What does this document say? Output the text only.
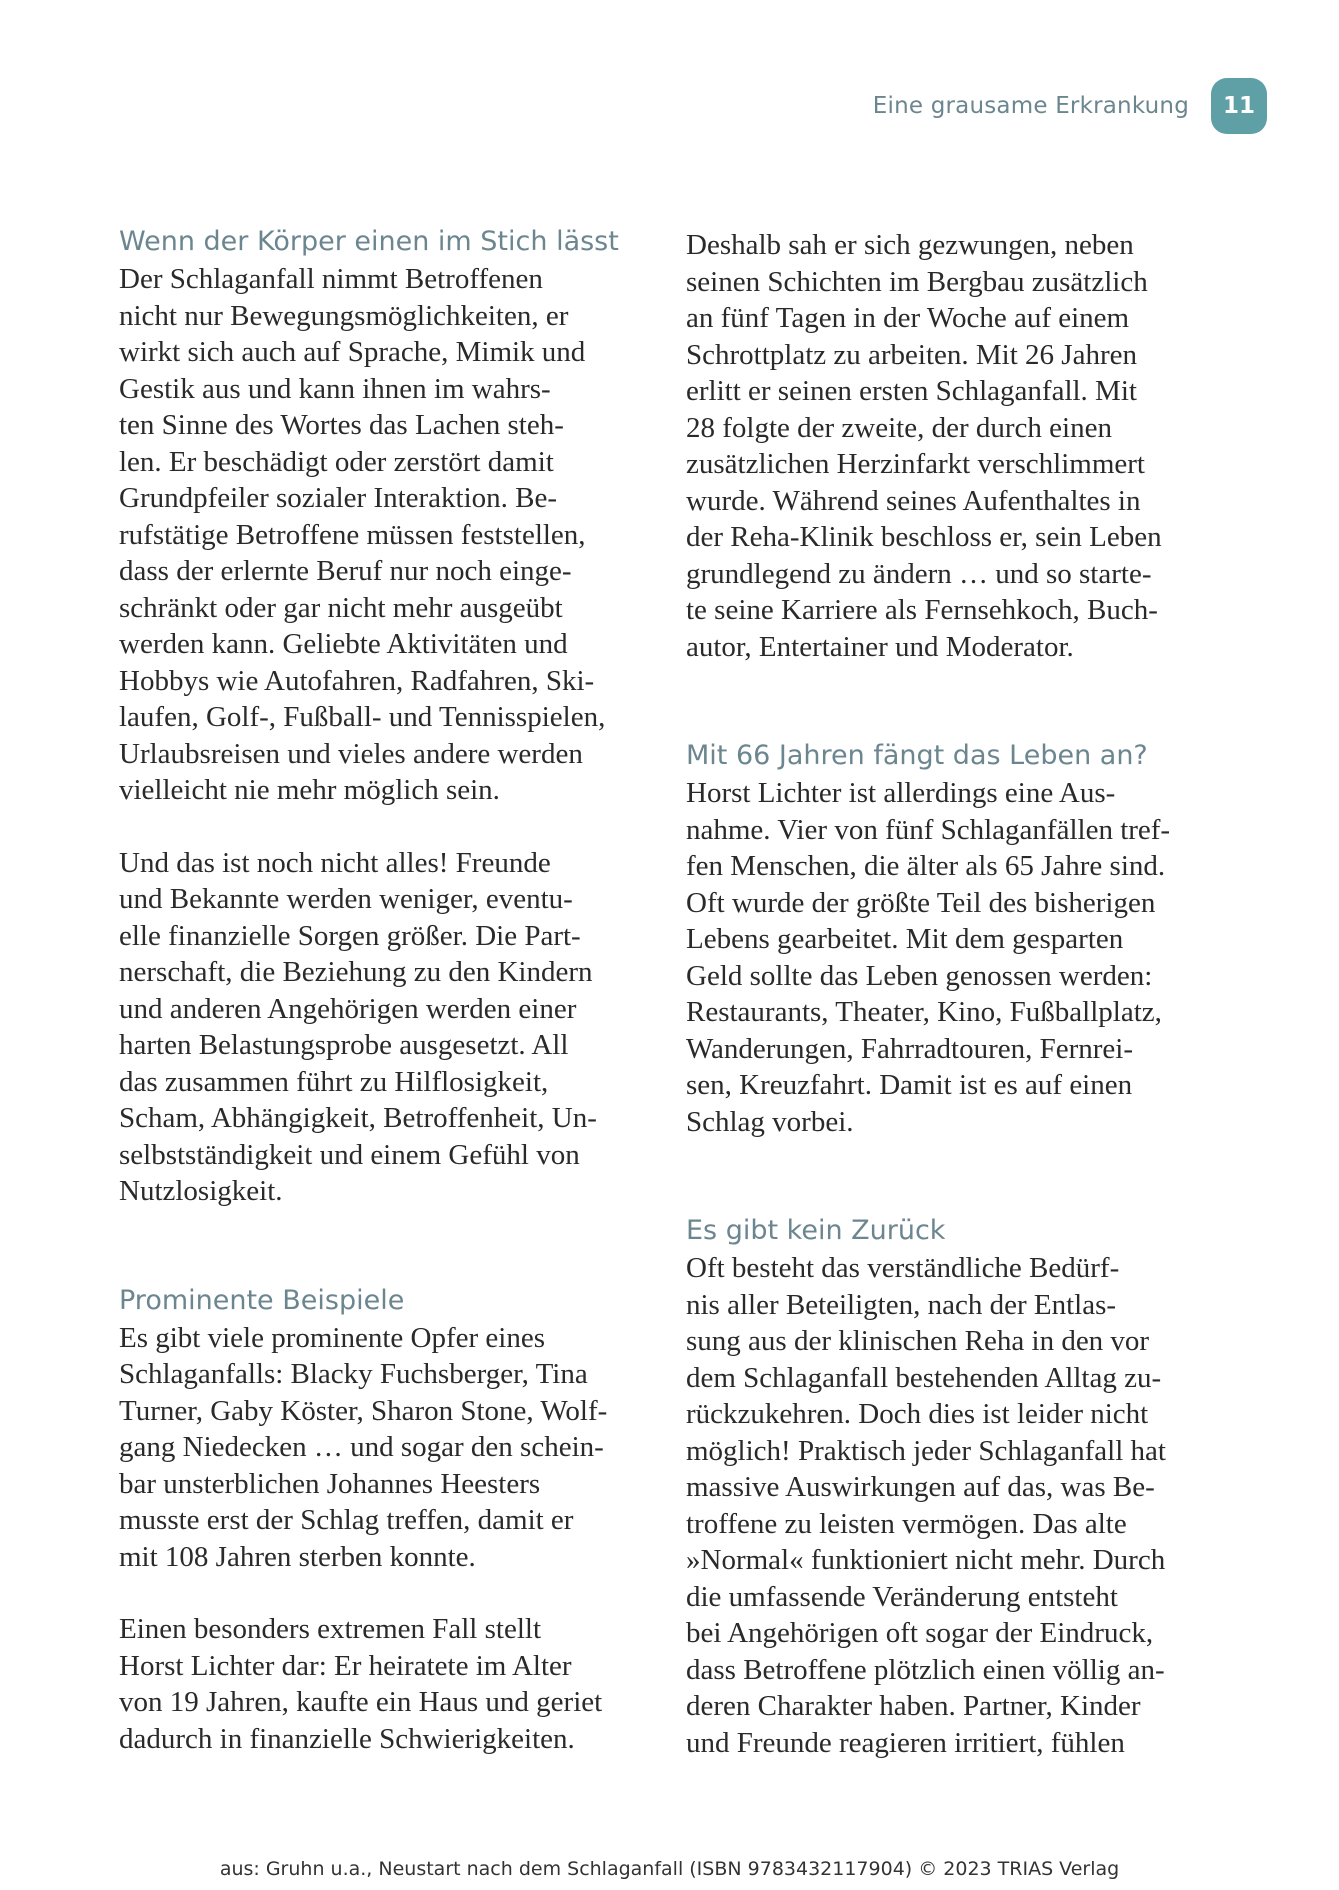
Eine grausame Erkrankung	11
Wenn der Körper einen im Stich lässt

Der Schlaganfall nimmt Betroffenen
nicht nur Bewegungsmöglichkeiten, er
wirkt sich auch auf Sprache, Mimik und
Gestik aus und kann ihnen im wahrs-
ten Sinne des Wortes das Lachen steh-
len. Er beschädigt oder zerstört damit
Grundpfeiler sozialer Interaktion. Be-
rufstätige Betroffene müssen feststellen,
dass der erlernte Beruf nur noch einge-
schränkt oder gar nicht mehr ausgeübt
werden kann. Geliebte Aktivitäten und
Hobbys wie Autofahren, Radfahren, Ski-
laufen, Golf-, Fußball- und Tennisspielen,
Urlaubsreisen und vieles andere werden
vielleicht nie mehr möglich sein.

Und das ist noch nicht alles! Freunde
und Bekannte werden weniger, eventu-
elle finanzielle Sorgen größer. Die Part-
nerschaft, die Beziehung zu den Kindern
und anderen Angehörigen werden einer
harten Belastungsprobe ausgesetzt. All
das zusammen führt zu Hilflosigkeit,
Scham, Abhängigkeit, Betroffenheit, Un-
selbstständigkeit und einem Gefühl von
Nutzlosigkeit.

Prominente Beispiele

Es gibt viele prominente Opfer eines
Schlaganfalls: Blacky Fuchsberger, Tina
Turner, Gaby Köster, Sharon Stone, Wolf-
gang Niedecken … und sogar den schein-
bar unsterblichen Johannes Heesters
musste erst der Schlag treffen, damit er
mit 108 Jahren sterben konnte.

Einen besonders extremen Fall stellt
Horst Lichter dar: Er heiratete im Alter
von 19 Jahren, kaufte ein Haus und geriet
dadurch in finanzielle Schwierigkeiten.

Deshalb sah er sich gezwungen, neben
seinen Schichten im Bergbau zusätzlich
an fünf Tagen in der Woche auf einem
Schrottplatz zu arbeiten. Mit 26 Jahren
erlitt er seinen ersten Schlaganfall. Mit
28 folgte der zweite, der durch einen
zusätzlichen Herzinfarkt verschlimmert
wurde. Während seines Aufenthaltes in
der Reha-Klinik beschloss er, sein Leben
grundlegend zu ändern … und so starte-
te seine Karriere als Fernsehkoch, Buch-
autor, Entertainer und Moderator.

Mit 66 Jahren fängt das Leben an?

Horst Lichter ist allerdings eine Aus-
nahme. Vier von fünf Schlaganfällen tref-
fen Menschen, die älter als 65 Jahre sind.
Oft wurde der größte Teil des bisherigen
Lebens gearbeitet. Mit dem gesparten
Geld sollte das Leben genossen werden:
Restaurants, Theater, Kino, Fußballplatz,
Wanderungen, Fahrradtouren, Fernrei-
sen, Kreuzfahrt. Damit ist es auf einen
Schlag vorbei.

Es gibt kein Zurück

Oft besteht das verständliche Bedürf-
nis aller Beteiligten, nach der Entlas-
sung aus der klinischen Reha in den vor
dem Schlaganfall bestehenden Alltag zu-
rückzukehren. Doch dies ist leider nicht
möglich! Praktisch jeder Schlaganfall hat
massive Auswirkungen auf das, was Be-
troffene zu leisten vermögen. Das alte
»Normal« funktioniert nicht mehr. Durch
die umfassende Veränderung entsteht
bei Angehörigen oft sogar der Eindruck,
dass Betroffene plötzlich einen völlig an-
deren Charakter haben. Partner, Kinder
und Freunde reagieren irritiert, fühlen

aus: Gruhn u.a., Neustart nach dem Schlaganfall (ISBN 9783432117904) © 2023 TRIAS Verlag
